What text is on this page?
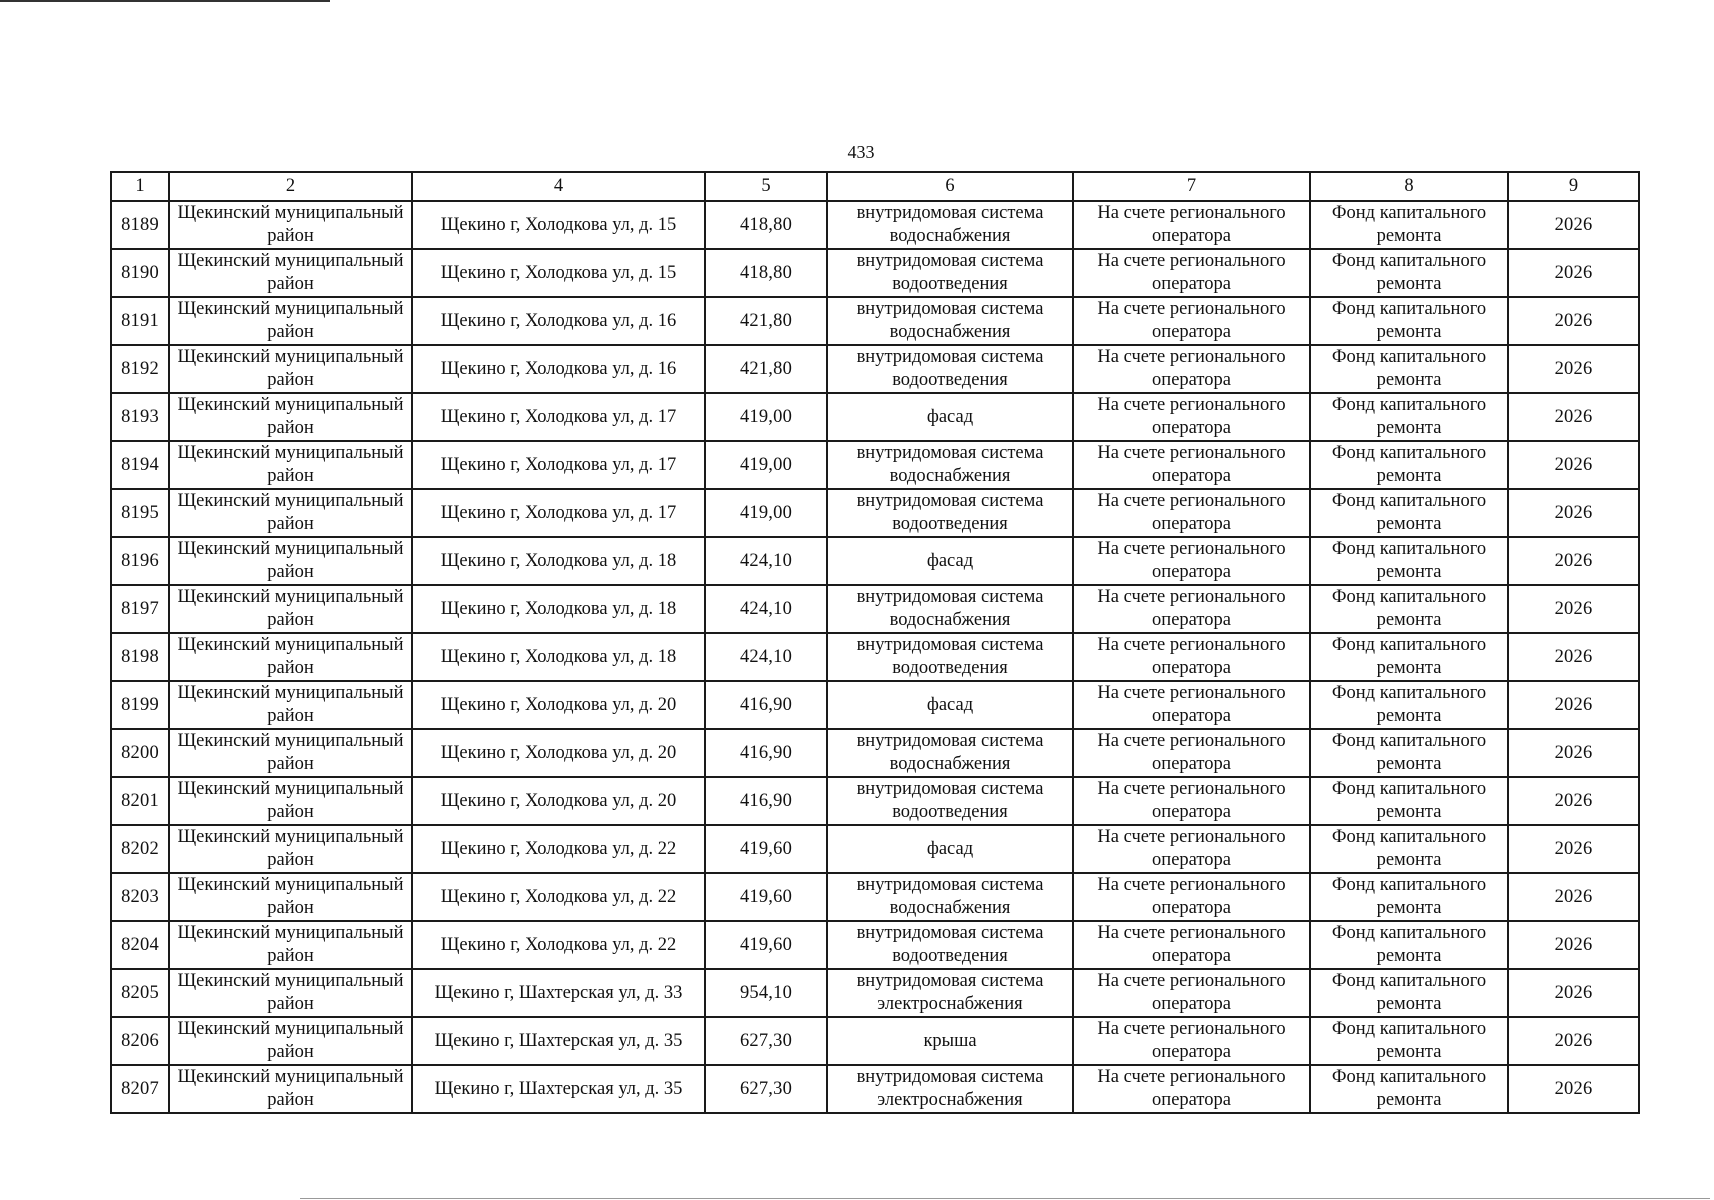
433
1	2	4	5	6	7	8	9
8189	Щекинский муниципальный район	Щекино г, Холодкова ул, д. 15	418,80	внутридомовая система водоснабжения	На счете регионального оператора	Фонд капитального ремонта	2026
8190	Щекинский муниципальный район	Щекино г, Холодкова ул, д. 15	418,80	внутридомовая система водоотведения	На счете регионального оператора	Фонд капитального ремонта	2026
8191	Щекинский муниципальный район	Щекино г, Холодкова ул, д. 16	421,80	внутридомовая система водоснабжения	На счете регионального оператора	Фонд капитального ремонта	2026
8192	Щекинский муниципальный район	Щекино г, Холодкова ул, д. 16	421,80	внутридомовая система водоотведения	На счете регионального оператора	Фонд капитального ремонта	2026
8193	Щекинский муниципальный район	Щекино г, Холодкова ул, д. 17	419,00	фасад	На счете регионального оператора	Фонд капитального ремонта	2026
8194	Щекинский муниципальный район	Щекино г, Холодкова ул, д. 17	419,00	внутридомовая система водоснабжения	На счете регионального оператора	Фонд капитального ремонта	2026
8195	Щекинский муниципальный район	Щекино г, Холодкова ул, д. 17	419,00	внутридомовая система водоотведения	На счете регионального оператора	Фонд капитального ремонта	2026
8196	Щекинский муниципальный район	Щекино г, Холодкова ул, д. 18	424,10	фасад	На счете регионального оператора	Фонд капитального ремонта	2026
8197	Щекинский муниципальный район	Щекино г, Холодкова ул, д. 18	424,10	внутридомовая система водоснабжения	На счете регионального оператора	Фонд капитального ремонта	2026
8198	Щекинский муниципальный район	Щекино г, Холодкова ул, д. 18	424,10	внутридомовая система водоотведения	На счете регионального оператора	Фонд капитального ремонта	2026
8199	Щекинский муниципальный район	Щекино г, Холодкова ул, д. 20	416,90	фасад	На счете регионального оператора	Фонд капитального ремонта	2026
8200	Щекинский муниципальный район	Щекино г, Холодкова ул, д. 20	416,90	внутридомовая система водоснабжения	На счете регионального оператора	Фонд капитального ремонта	2026
8201	Щекинский муниципальный район	Щекино г, Холодкова ул, д. 20	416,90	внутридомовая система водоотведения	На счете регионального оператора	Фонд капитального ремонта	2026
8202	Щекинский муниципальный район	Щекино г, Холодкова ул, д. 22	419,60	фасад	На счете регионального оператора	Фонд капитального ремонта	2026
8203	Щекинский муниципальный район	Щекино г, Холодкова ул, д. 22	419,60	внутридомовая система водоснабжения	На счете регионального оператора	Фонд капитального ремонта	2026
8204	Щекинский муниципальный район	Щекино г, Холодкова ул, д. 22	419,60	внутридомовая система водоотведения	На счете регионального оператора	Фонд капитального ремонта	2026
8205	Щекинский муниципальный район	Щекино г, Шахтерская ул, д. 33	954,10	внутридомовая система электроснабжения	На счете регионального оператора	Фонд капитального ремонта	2026
8206	Щекинский муниципальный район	Щекино г, Шахтерская ул, д. 35	627,30	крыша	На счете регионального оператора	Фонд капитального ремонта	2026
8207	Щекинский муниципальный район	Щекино г, Шахтерская ул, д. 35	627,30	внутридомовая система электроснабжения	На счете регионального оператора	Фонд капитального ремонта	2026
